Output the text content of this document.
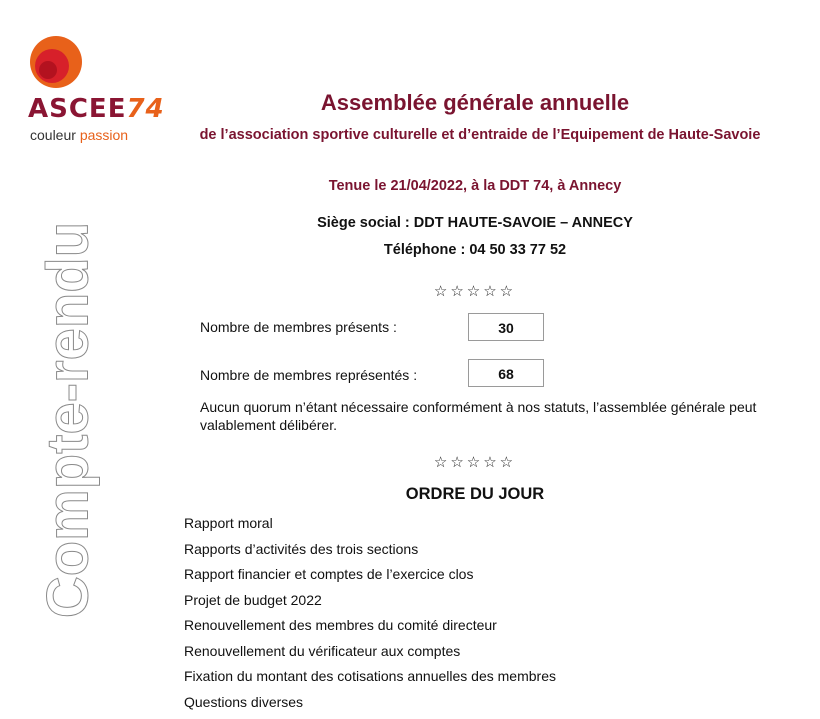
ASCEE74
couleur passion
Compte-rendu
Assemblée générale annuelle
de l’association sportive culturelle et d’entraide de l’Equipement de Haute-Savoie
Tenue le 21/04/2022, à la DDT 74, à Annecy
Siège social : DDT HAUTE-SAVOIE – ANNECY
Téléphone : 04 50 33 77 52
☆☆☆☆☆
Nombre de membres présents :	30
Nombre de membres représentés :	68
Aucun quorum n’étant nécessaire conformément à nos statuts, l’assemblée générale peut valablement délibérer.
☆☆☆☆☆
ORDRE DU JOUR
Rapport moral
Rapports d’activités des trois sections
Rapport financier et comptes de l’exercice clos
Projet de budget 2022
Renouvellement des membres du comité directeur
Renouvellement du vérificateur aux comptes
Fixation du montant des cotisations annuelles des membres
Questions diverses
